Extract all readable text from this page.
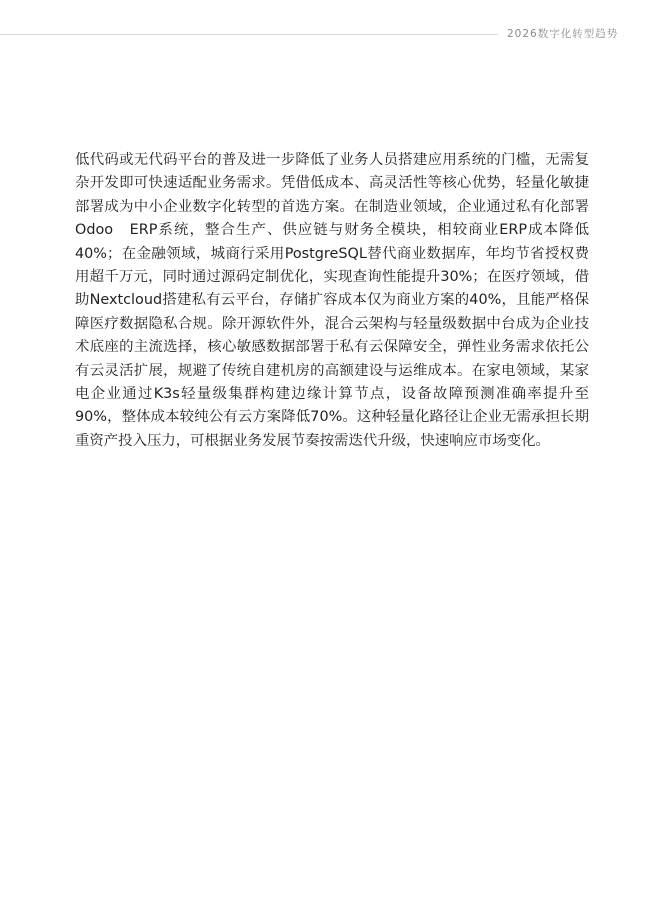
2026数字化转型趋势

低代码或无代码平台的普及进一步降低了业务人员搭建应用系统的门槛，无需复杂开发即可快速适配业务需求。凭借低成本、高灵活性等核心优势，轻量化敏捷部署成为中小企业数字化转型的首选方案。在制造业领域，企业通过私有化部署Odoo　ERP系统，整合生产、供应链与财务全模块，相较商业ERP成本降低40%；在金融领域，城商行采用PostgreSQL替代商业数据库，年均节省授权费用超千万元，同时通过源码定制优化，实现查询性能提升30%；在医疗领域，借助Nextcloud搭建私有云平台，存储扩容成本仅为商业方案的40%，且能严格保障医疗数据隐私合规。除开源软件外，混合云架构与轻量级数据中台成为企业技术底座的主流选择，核心敏感数据部署于私有云保障安全，弹性业务需求依托公有云灵活扩展，规避了传统自建机房的高额建设与运维成本。在家电领域，某家电企业通过K3s轻量级集群构建边缘计算节点，设备故障预测准确率提升至90%，整体成本较纯公有云方案降低70%。这种轻量化路径让企业无需承担长期重资产投入压力，可根据业务发展节奏按需迭代升级，快速响应市场变化。
